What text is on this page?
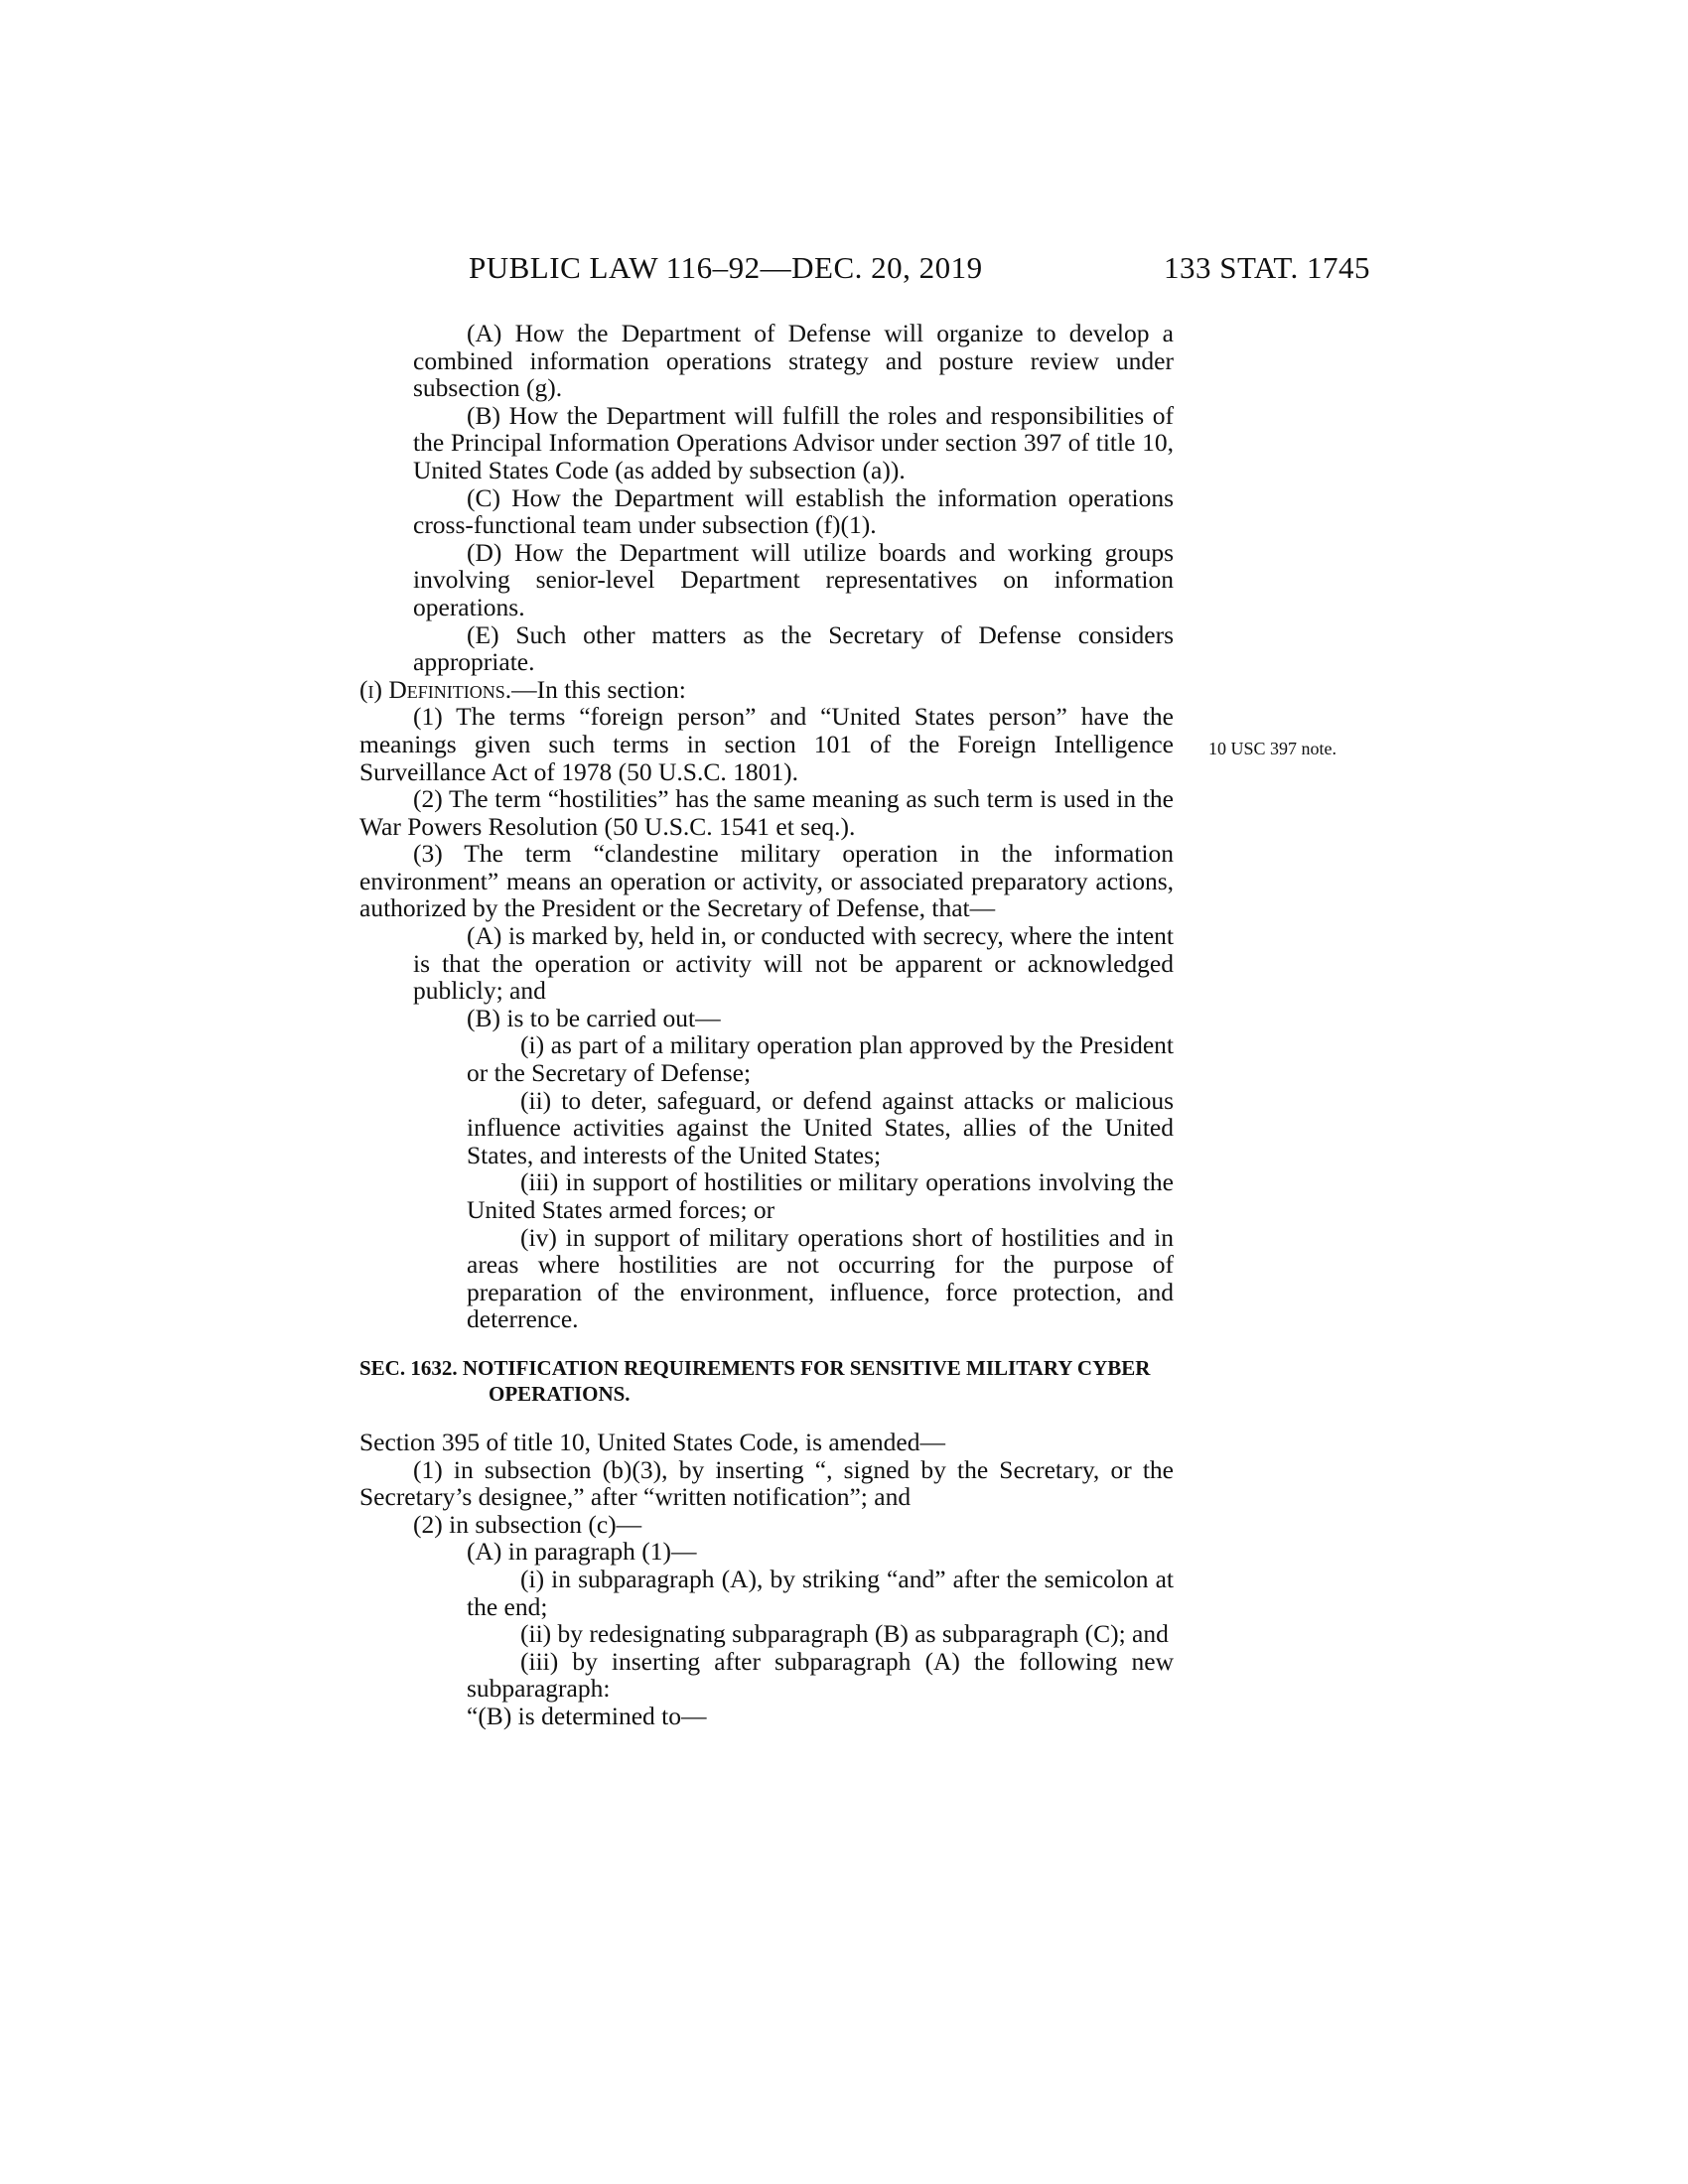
PUBLIC LAW 116–92—DEC. 20, 2019	133 STAT. 1745
10 USC 397 note.

(A) How the Department of Defense will organize to develop a combined information operations strategy and posture review under subsection (g).

(B) How the Department will fulfill the roles and responsibilities of the Principal Information Operations Advisor under section 397 of title 10, United States Code (as added by subsection (a)).

(C) How the Department will establish the information operations cross-functional team under subsection (f)(1).

(D) How the Department will utilize boards and working groups involving senior-level Department representatives on information operations.

(E) Such other matters as the Secretary of Defense considers appropriate.

(i) Definitions.—In this section:

(1) The terms “foreign person” and “United States person” have the meanings given such terms in section 101 of the Foreign Intelligence Surveillance Act of 1978 (50 U.S.C. 1801).

(2) The term “hostilities” has the same meaning as such term is used in the War Powers Resolution (50 U.S.C. 1541 et seq.).

(3) The term “clandestine military operation in the information environment” means an operation or activity, or associated preparatory actions, authorized by the President or the Secretary of Defense, that—

(A) is marked by, held in, or conducted with secrecy, where the intent is that the operation or activity will not be apparent or acknowledged publicly; and

(B) is to be carried out—

(i) as part of a military operation plan approved by the President or the Secretary of Defense;

(ii) to deter, safeguard, or defend against attacks or malicious influence activities against the United States, allies of the United States, and interests of the United States;

(iii) in support of hostilities or military operations involving the United States armed forces; or

(iv) in support of military operations short of hostilities and in areas where hostilities are not occurring for the purpose of preparation of the environment, influence, force protection, and deterrence.

SEC. 1632. NOTIFICATION REQUIREMENTS FOR SENSITIVE MILITARY CYBER OPERATIONS.

Section 395 of title 10, United States Code, is amended—

(1) in subsection (b)(3), by inserting “, signed by the Secretary, or the Secretary’s designee,” after “written notification”; and

(2) in subsection (c)—

(A) in paragraph (1)—

(i) in subparagraph (A), by striking “and” after the semicolon at the end;

(ii) by redesignating subparagraph (B) as subparagraph (C); and

(iii) by inserting after subparagraph (A) the following new subparagraph:

“(B) is determined to—
